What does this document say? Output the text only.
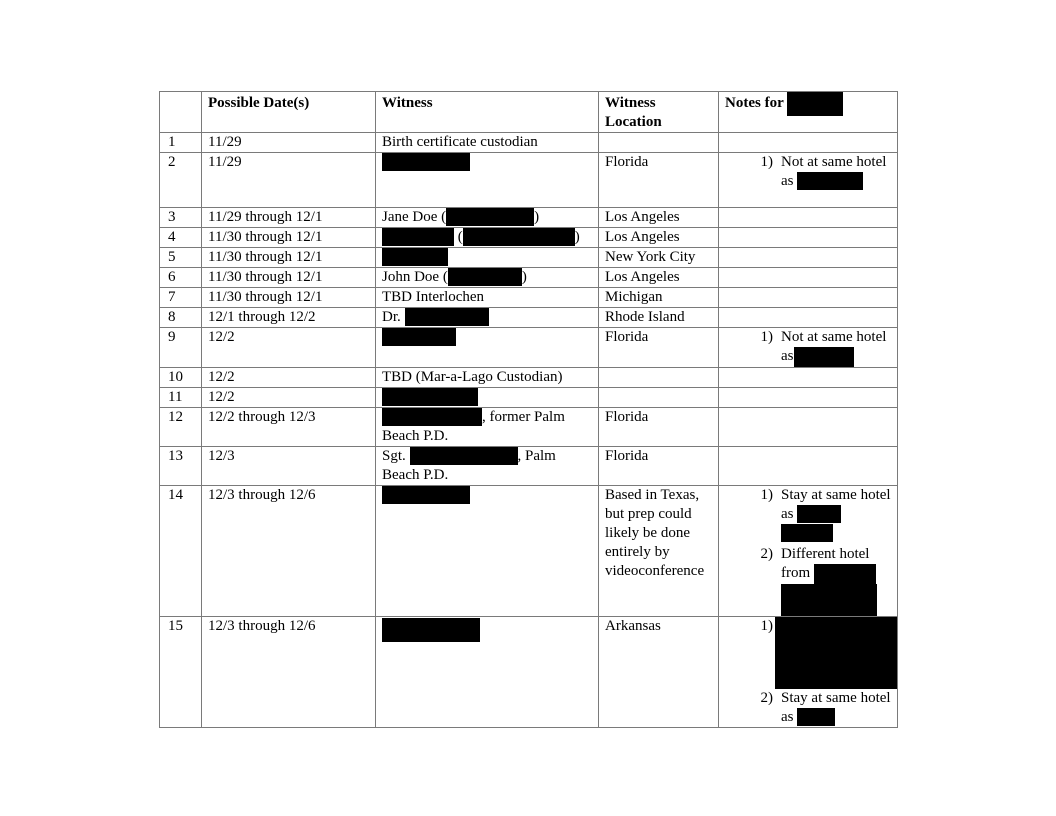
	Possible Date(s)	Witness	Witness Location	Notes for
1	11/29	Birth certificate custodian		
2	11/29		Florida	1) Not at same hotel as

3	11/29 through 12/1	Jane Doe ( )	Los Angeles	
4	11/30 through 12/1	( )	Los Angeles	
5	11/30 through 12/1		New York City	
6	11/30 through 12/1	John Doe ( )	Los Angeles	
7	11/30 through 12/1	TBD Interlochen	Michigan	
8	12/1 through 12/2	Dr.	Rhode Island	
9	12/2		Florida	1) Not at same hotel as

10	12/2	TBD (Mar-a-Lago Custodian)		
11	12/2			
12	12/2 through 12/3	, former Palm Beach P.D.	Florida	
13	12/3	Sgt. , Palm Beach P.D.	Florida	
14	12/3 through 12/6		Based in Texas, but prep could likely be done entirely by videoconference	1) Stay at same hotel as

2) Different hotel from

15	12/3 through 12/6		Arkansas	1)
2) Stay at same hotel as
